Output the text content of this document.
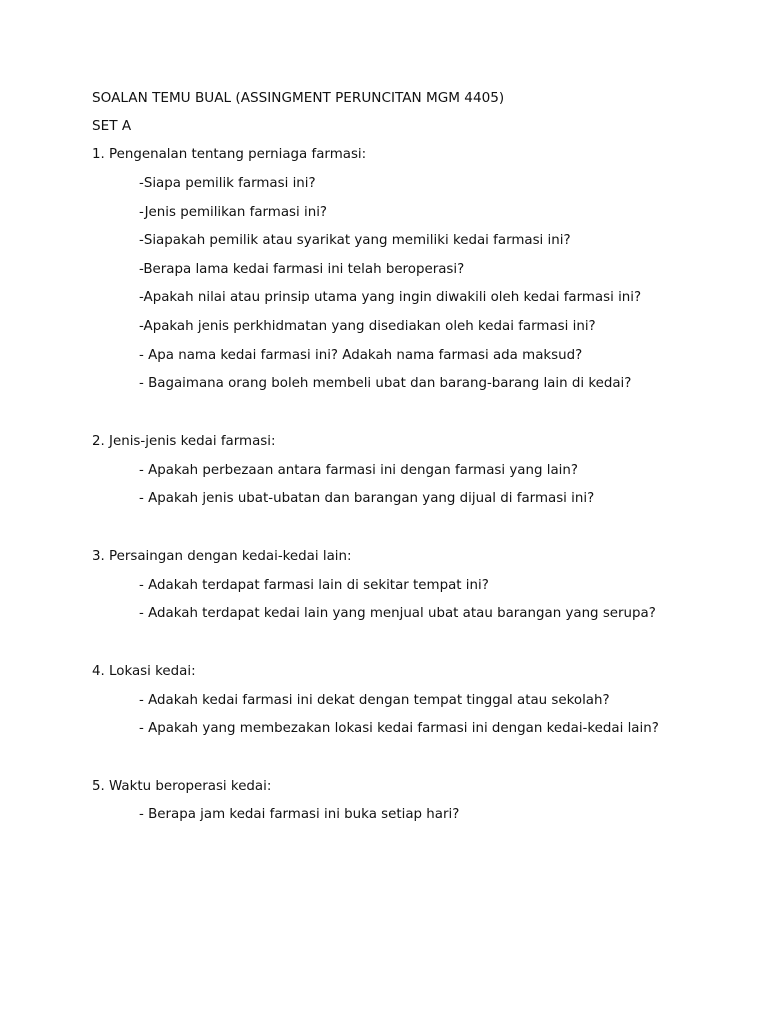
SOALAN TEMU BUAL (ASSINGMENT PERUNCITAN MGM 4405)
SET A
1. Pengenalan tentang perniaga farmasi:
-Siapa pemilik farmasi ini?
-Jenis pemilikan farmasi ini?
-Siapakah pemilik atau syarikat yang memiliki kedai farmasi ini?
-Berapa lama kedai farmasi ini telah beroperasi?
-Apakah nilai atau prinsip utama yang ingin diwakili oleh kedai farmasi ini?
-Apakah jenis perkhidmatan yang disediakan oleh kedai farmasi ini?
- Apa nama kedai farmasi ini? Adakah nama farmasi ada maksud?
- Bagaimana orang boleh membeli ubat dan barang-barang lain di kedai?
2. Jenis-jenis kedai farmasi:
- Apakah perbezaan antara farmasi ini dengan farmasi yang lain?
- Apakah jenis ubat-ubatan dan barangan yang dijual di farmasi ini?
3. Persaingan dengan kedai-kedai lain:
- Adakah terdapat farmasi lain di sekitar tempat ini?
- Adakah terdapat kedai lain yang menjual ubat atau barangan yang serupa?
4. Lokasi kedai:
- Adakah kedai farmasi ini dekat dengan tempat tinggal atau sekolah?
- Apakah yang membezakan lokasi kedai farmasi ini dengan kedai-kedai lain?
5. Waktu beroperasi kedai:
- Berapa jam kedai farmasi ini buka setiap hari?
